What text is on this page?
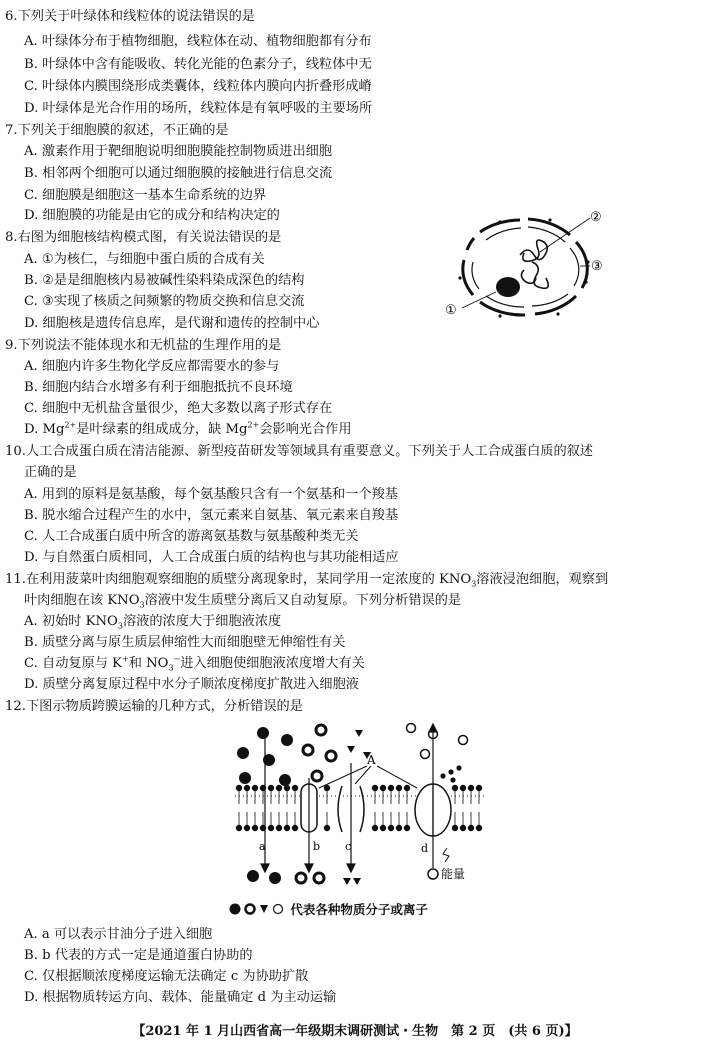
6.下列关于叶绿体和线粒体的说法错误的是
A. 叶绿体分布于植物细胞，线粒体在动、植物细胞都有分布
B. 叶绿体中含有能吸收、转化光能的色素分子，线粒体中无
C. 叶绿体内膜围绕形成类囊体，线粒体内膜向内折叠形成嵴
D. 叶绿体是光合作用的场所，线粒体是有氧呼吸的主要场所
7.下列关于细胞膜的叙述，不正确的是
A. 激素作用于靶细胞说明细胞膜能控制物质进出细胞
B. 相邻两个细胞可以通过细胞膜的接触进行信息交流
C. 细胞膜是细胞这一基本生命系统的边界
D. 细胞膜的功能是由它的成分和结构决定的
8.右图为细胞核结构模式图，有关说法错误的是
A. ①为核仁，与细胞中蛋白质的合成有关
B. ②是是细胞核内易被碱性染料染成深色的结构
C. ③实现了核质之间频繁的物质交换和信息交流
D. 细胞核是遗传信息库，是代谢和遗传的控制中心
①
②
③
9.下列说法不能体现水和无机盐的生理作用的是
A. 细胞内许多生物化学反应都需要水的参与
B. 细胞内结合水增多有利于细胞抵抗不良环境
C. 细胞中无机盐含量很少，绝大多数以离子形式存在
D. $Mg^{2+}$是叶绿素的组成成分，缺 $Mg^{2+}$会影响光合作用
10.人工合成蛋白质在清洁能源、新型疫苗研发等领域具有重要意义。下列关于人工合成蛋白质的叙述
正确的是
A. 用到的原料是氨基酸，每个氨基酸只含有一个氨基和一个羧基
B. 脱水缩合过程产生的水中，氢元素来自氨基、氧元素来自羧基
C. 人工合成蛋白质中所含的游离氨基数与氨基酸种类无关
D. 与自然蛋白质相同，人工合成蛋白质的结构也与其功能相适应
11.在利用菠菜叶肉细胞观察细胞的质壁分离现象时，某同学用一定浓度的 $KNO_3$溶液浸泡细胞，观察到
叶肉细胞在该 $KNO_3$溶液中发生质壁分离后又自动复原。下列分析错误的是
A. 初始时 $KNO_3$溶液的浓度大于细胞液浓度
B. 质壁分离与原生质层伸缩性大而细胞壁无伸缩性有关
C. 自动复原与 K+和 $NO_3^-$进入细胞使细胞液浓度增大有关
D. 质壁分离复原过程中水分子顺浓度梯度扩散进入细胞液
12.下图示物质跨膜运输的几种方式，分析错误的是
A
a	b c	d
能量
代表各种物质分子或离子
A. a 可以表示甘油分子进入细胞
B. b 代表的方式一定是通道蛋白协助的
C. 仅根据顺浓度梯度运输无法确定 c 为协助扩散
D. 根据物质转运方向、载体、能量确定 d 为主动运输
【2021 年 1 月山西省高一年级期末调研测试・生物　第 2 页　(共 6 页)】
